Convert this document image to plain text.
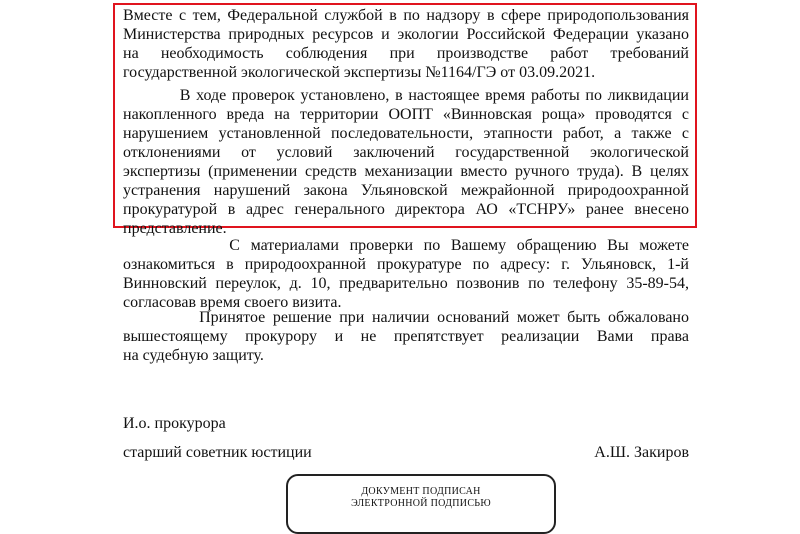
Вместе с тем, Федеральной службой в по надзору в сфере природопользования
Министерства природных ресурсов и экологии Российской Федерации указано
на необходимость соблюдения при производстве работ требований
государственной экологической экспертизы №1164/ГЭ от 03.09.2021.

В ходе проверок установлено, в настоящее время работы по ликвидации
накопленного вреда на территории ООПТ «Винновская роща» проводятся с
нарушением установленной последовательности, этапности работ, а также с
отклонениями от условий заключений государственной экологической
экспертизы (применении средств механизации вместо ручного труда). В целях
устранения нарушений закона Ульяновской межрайонной природоохранной
прокуратурой в адрес генерального директора АО «ТСНРУ» ранее внесено
представление.

С материалами проверки по Вашему обращению Вы можете
ознакомиться в природоохранной прокуратуре по адресу: г. Ульяновск, 1-й
Винновский переулок, д. 10, предварительно позвонив по телефону 35-89-54,
согласовав время своего визита.

Принятое решение при наличии оснований может быть обжаловано
вышестоящему прокурору и не препятствует реализации Вами права
на судебную защиту.

И.о. прокурора

старший советник юстиции	А.Ш. Закиров

ДОКУМЕНТ ПОДПИСАН
ЭЛЕКТРОННОЙ ПОДПИСЬЮ
